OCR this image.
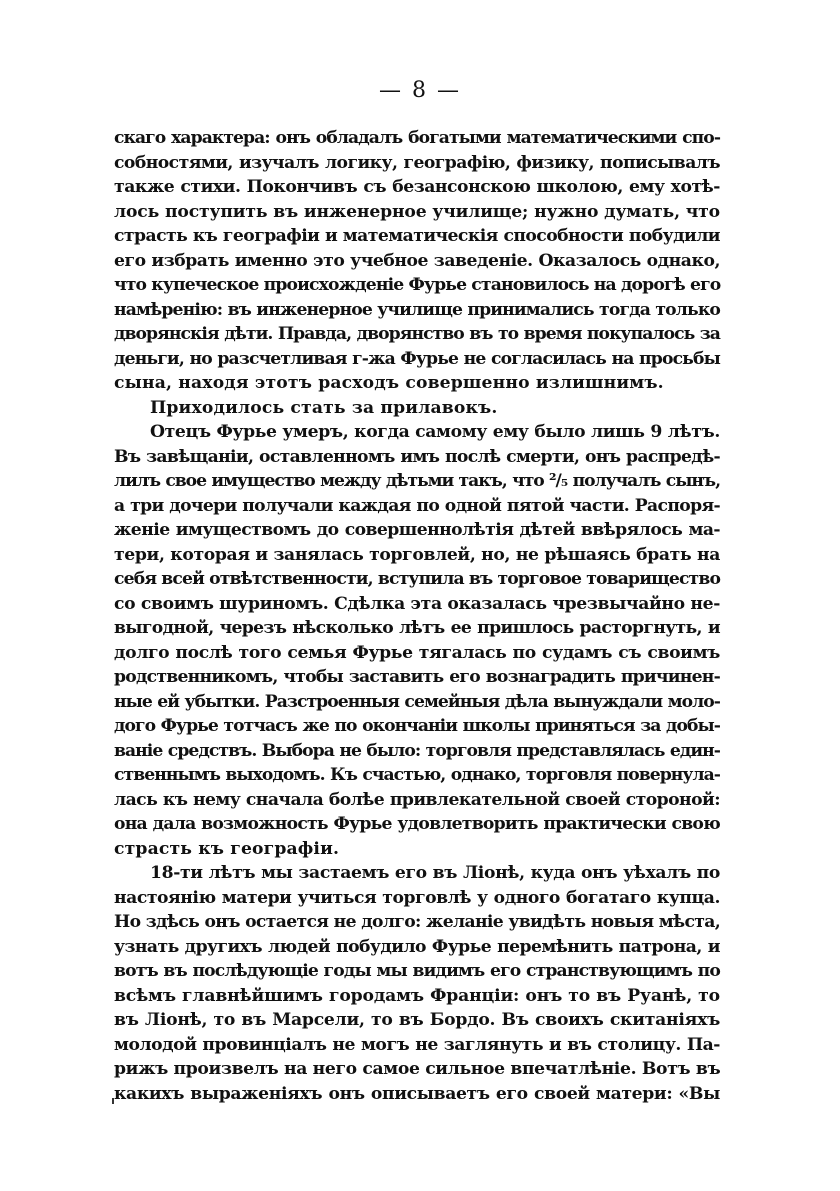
— 8 —
скаго характера: онъ обладалъ богатыми математическими спо-
собностями, изучалъ логику, географію, физику, пописывалъ
также стихи. Покончивъ съ безансонскою школою, ему хотѣ-
лось поступить въ инженерное училище; нужно думать, что
страсть къ географіи и математическія способности побудили
его избрать именно это учебное заведеніе. Оказалось однако,
что купеческое происхожденіе Фурье становилось на дорогѣ его
намѣренію: въ инженерное училище принимались тогда только
дворянскія дѣти. Правда, дворянство въ то время покупалось за
деньги, но разсчетливая г-жа Фурье не согласилась на просьбы
сына, находя этотъ расходъ совершенно излишнимъ.
Приходилось стать за прилавокъ.
Отецъ Фурье умеръ, когда самому ему было лишь 9 лѣтъ.
Въ завѣщаніи, оставленномъ имъ послѣ смерти, онъ распредѣ-
лилъ свое имущество между дѣтьми такъ, что ²/₅ получалъ сынъ,
а три дочери получали каждая по одной пятой части. Распоря-
женіе имуществомъ до совершеннолѣтія дѣтей ввѣрялось ма-
тери, которая и занялась торговлей, но, не рѣшаясь брать на
себя всей отвѣтственности, вступила въ торговое товарищество
со своимъ шуриномъ. Сдѣлка эта оказалась чрезвычайно не-
выгодной, черезъ нѣсколько лѣтъ ее пришлось расторгнуть, и
долго послѣ того семья Фурье тягалась по судамъ съ своимъ
родственникомъ, чтобы заставить его вознаградить причинен-
ные ей убытки. Разстроенныя семейныя дѣла вынуждали моло-
дого Фурье тотчасъ же по окончаніи школы приняться за добы-
ваніе средствъ. Выбора не было: торговля представлялась един-
ственнымъ выходомъ. Къ счастью, однако, торговля повернула-
лась къ нему сначала болѣе привлекательной своей стороной:
она дала возможность Фурье удовлетворить практически свою
страсть къ географіи.
18-ти лѣтъ мы застаемъ его въ Ліонѣ, куда онъ уѣхалъ по
настоянію матери учиться торговлѣ у одного богатаго купца.
Но здѣсь онъ остается не долго: желаніе увидѣть новыя мѣста,
узнать другихъ людей побудило Фурье перемѣнить патрона, и
вотъ въ послѣдующіе годы мы видимъ его странствующимъ по
всѣмъ главнѣйшимъ городамъ Франціи: онъ то въ Руанѣ, то
въ Ліонѣ, то въ Марсели, то въ Бордо. Въ своихъ скитаніяхъ
молодой провинціалъ не могъ не заглянуть и въ столицу. Па-
рижъ произвелъ на него самое сильное впечатлѣніе. Вотъ въ
какихъ выраженіяхъ онъ описываетъ его своей матери: «Вы
